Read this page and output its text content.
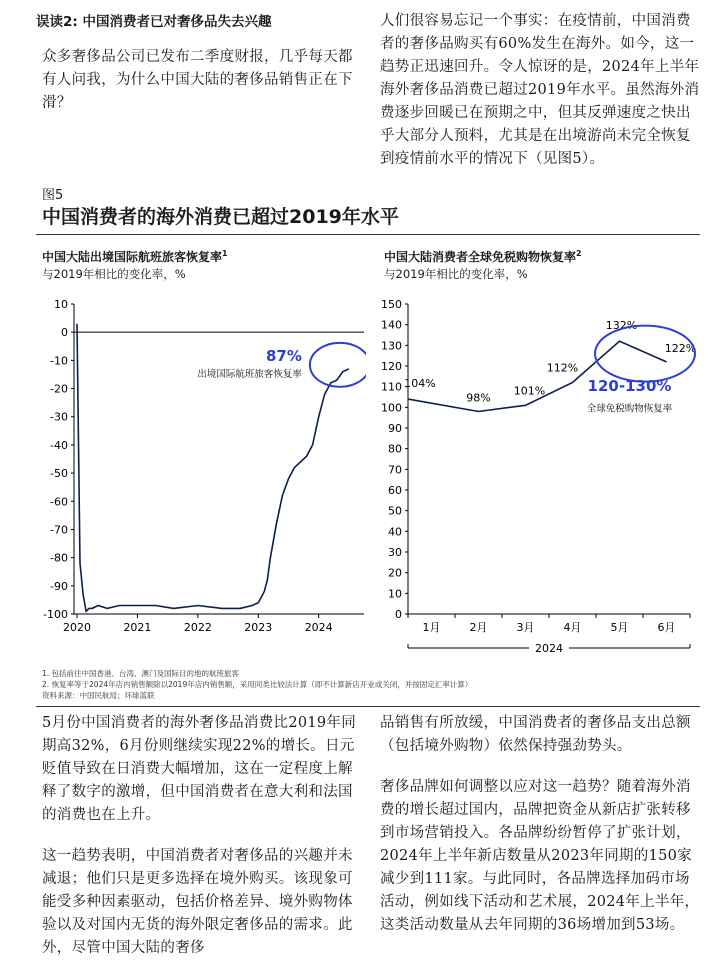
误读2: 中国消费者已对奢侈品失去兴趣
众多奢侈品公司已发布二季度财报，几乎每天都有人问我，为什么中国大陆的奢侈品销售正在下滑？
人们很容易忘记一个事实：在疫情前，中国消费者的奢侈品购买有60%发生在海外。如今，这一趋势正迅速回升。令人惊讶的是，2024年上半年海外奢侈品消费已超过2019年水平。虽然海外消费逐步回暖已在预期之中，但其反弹速度之快出乎大部分人预料，尤其是在出境游尚未完全恢复到疫情前水平的情况下（见图5）。
图5
中国消费者的海外消费已超过2019年水平
中国大陆出境国际航班旅客恢复率$^1$
与2019年相比的变化率，%
中国大陆消费者全球免税购物恢复率$^2$
与2019年相比的变化率，%
10
0
-10
-20
-30
-40
-50
-60
-70
-80
-90
-100
2020	2021	2022	2023	2024
87%
出境国际航班旅客恢复率
150
140
130
120
110
100
90
80
70
60
50
40
30
20
10
0
1月	2月	3月	4月	5月	6月
2024
104%
98%
101%
112%
132%
122%
120-130%
全球免税购物恢复率
1. 包括前往中国香港、台湾、澳门及国际目的地的航班旅客
2. 恢复率等于2024年店内销售额除以2019年店内销售额，采用同类比较法计算（即不计算新店开业或关闭，并按固定汇率计算）
资料来源：中国民航局；环球蓝联

5月份中国消费者的海外奢侈品消费比2019年同期高32%，6月份则继续实现22%的增长。日元贬值导致在日消费大幅增加，这在一定程度上解释了数字的激增，但中国消费者在意大利和法国的消费也在上升。

这一趋势表明，中国消费者对奢侈品的兴趣并未减退；他们只是更多选择在境外购买。该现象可能受多种因素驱动，包括价格差异、境外购物体验以及对国内无货的海外限定奢侈品的需求。此外，尽管中国大陆的奢侈

品销售有所放缓，中国消费者的奢侈品支出总额（包括境外购物）依然保持强劲势头。

奢侈品牌如何调整以应对这一趋势？随着海外消费的增长超过国内，品牌把资金从新店扩张转移到市场营销投入。各品牌纷纷暂停了扩张计划，2024年上半年新店数量从2023年同期的150家减少到111家。与此同时，各品牌选择加码市场活动，例如线下活动和艺术展，2024年上半年，这类活动数量从去年同期的36场增加到53场。
